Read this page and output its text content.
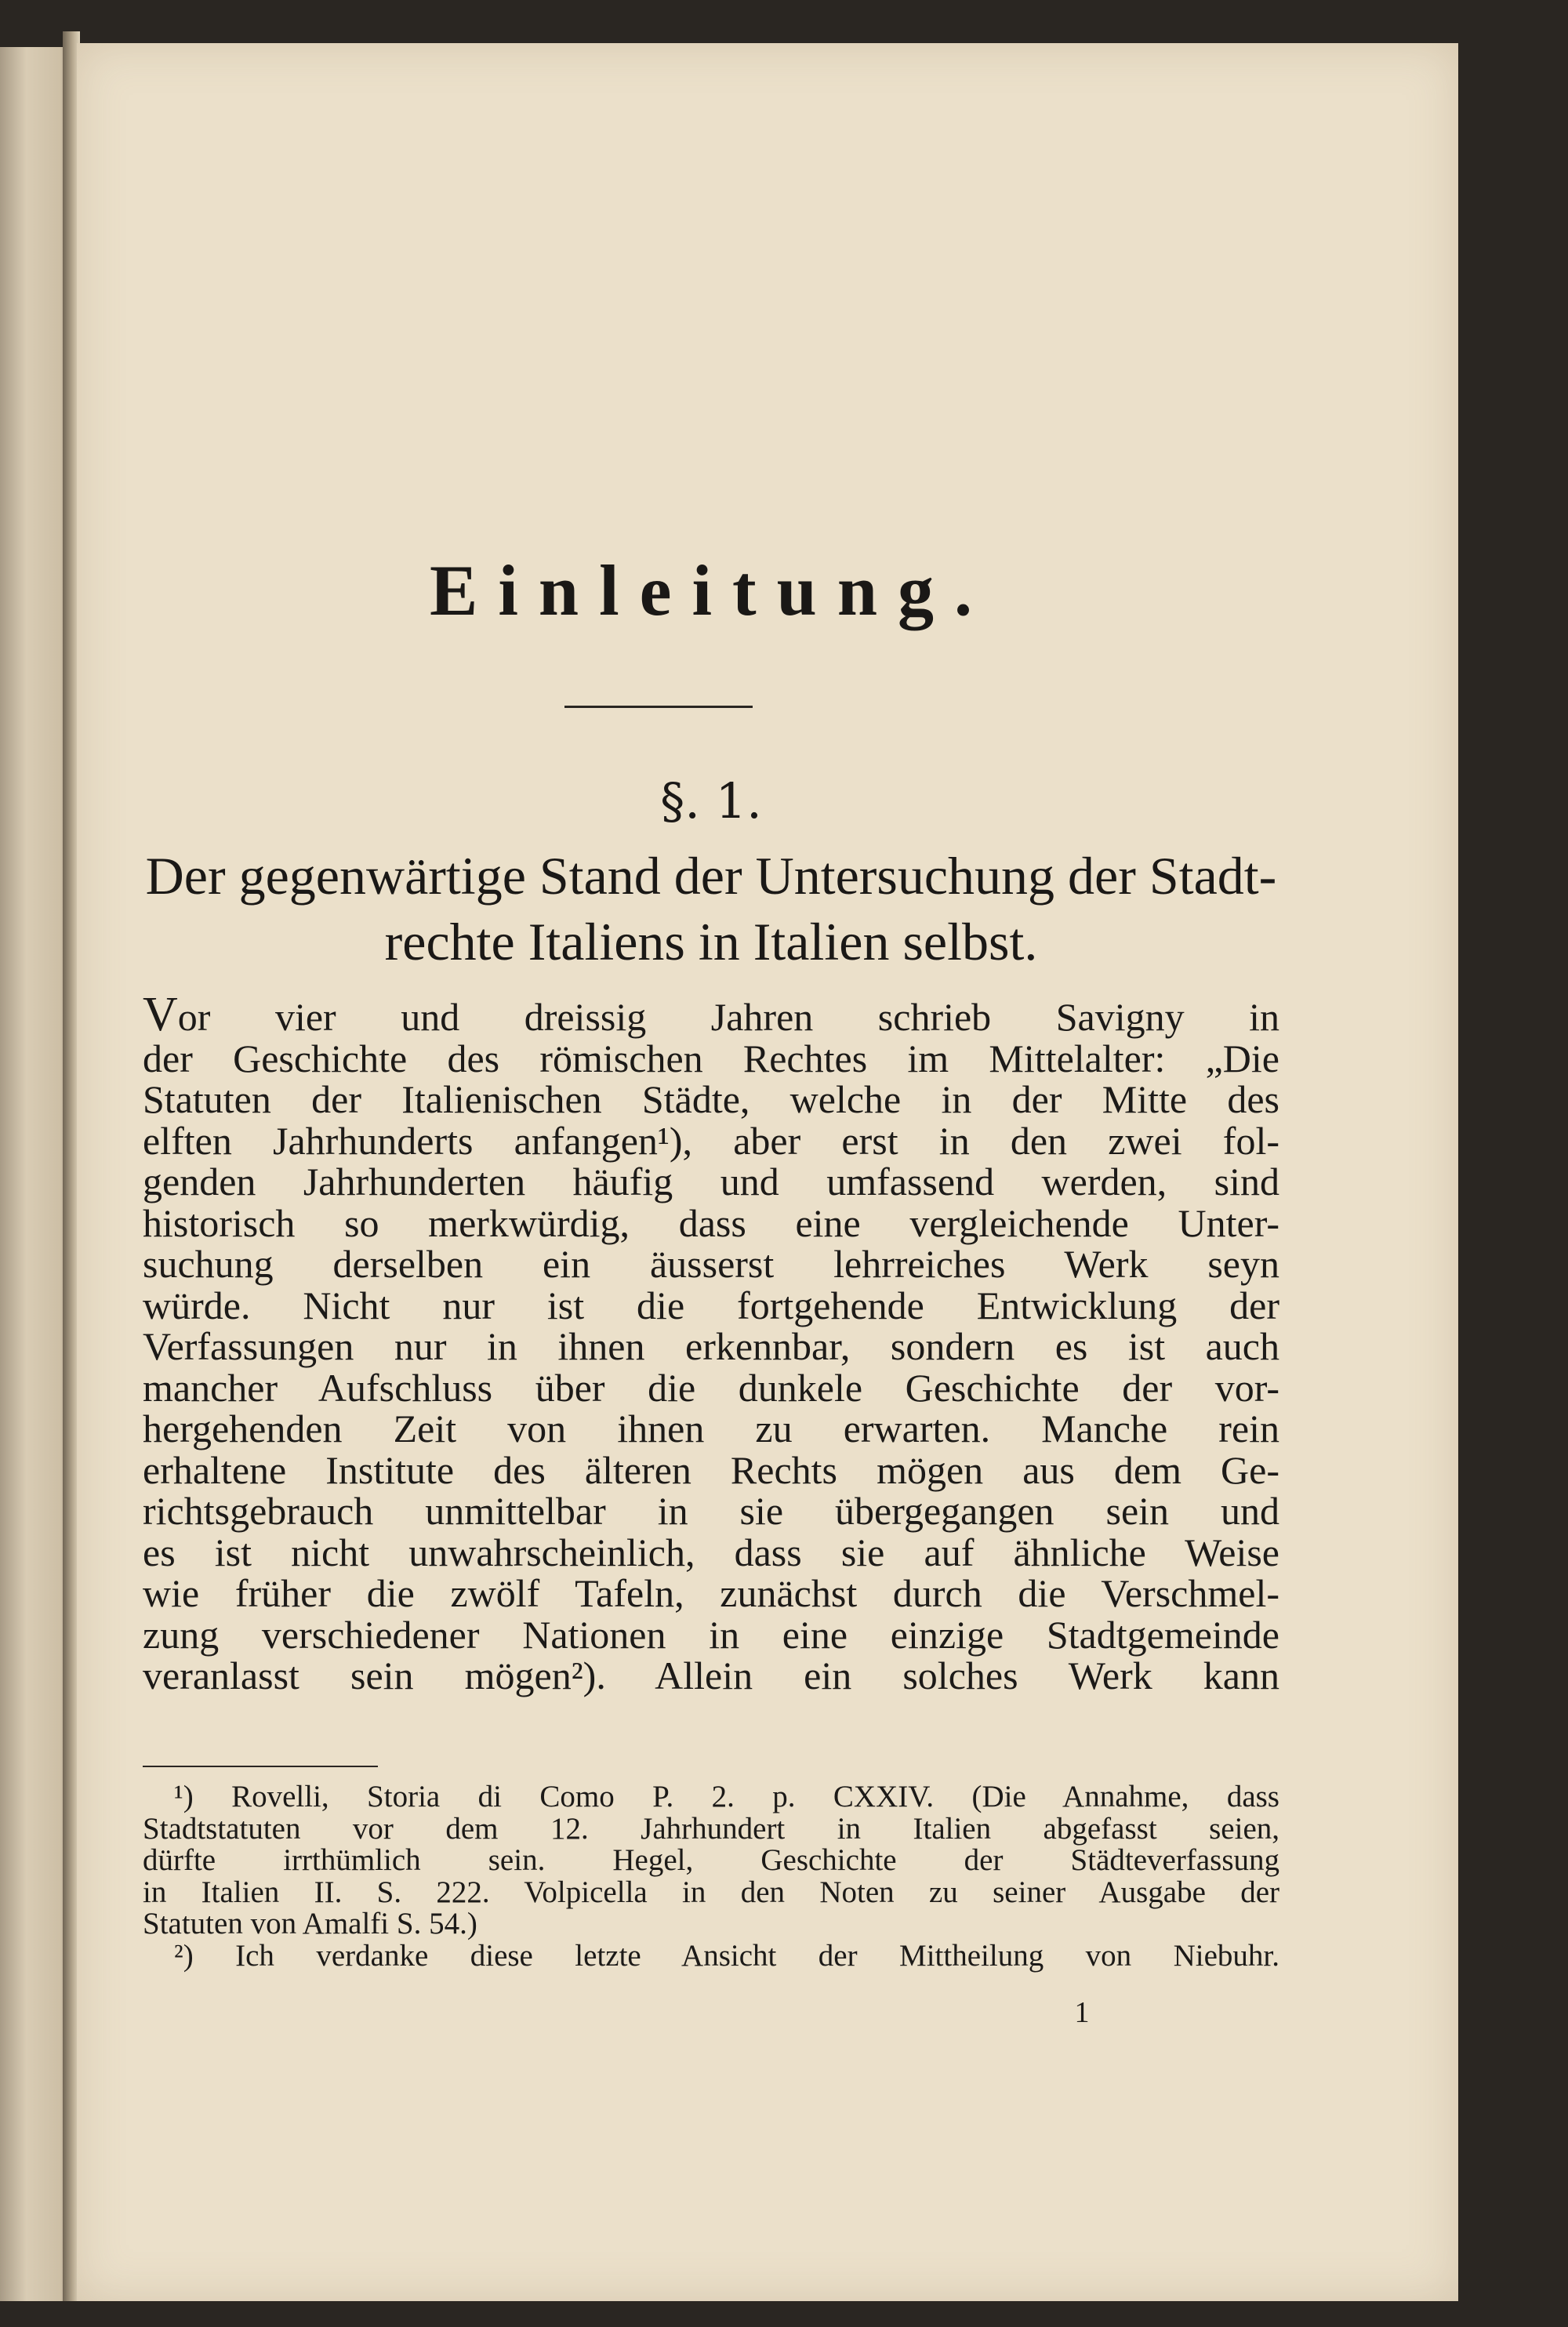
Einleitung.
§. 1.
Der gegenwärtige Stand der Untersuchung der Stadt-
rechte Italiens in Italien selbst.
Vor vier und dreissig Jahren schrieb Savigny in
der Geschichte des römischen Rechtes im Mittelalter: „Die
Statuten der Italienischen Städte, welche in der Mitte des
elften Jahrhunderts anfangen¹), aber erst in den zwei fol-
genden Jahrhunderten häufig und umfassend werden, sind
historisch so merkwürdig, dass eine vergleichende Unter-
suchung derselben ein äusserst lehrreiches Werk seyn
würde. Nicht nur ist die fortgehende Entwicklung der
Verfassungen nur in ihnen erkennbar, sondern es ist auch
mancher Aufschluss über die dunkele Geschichte der vor-
hergehenden Zeit von ihnen zu erwarten. Manche rein
erhaltene Institute des älteren Rechts mögen aus dem Ge-
richtsgebrauch unmittelbar in sie übergegangen sein und
es ist nicht unwahrscheinlich, dass sie auf ähnliche Weise
wie früher die zwölf Tafeln, zunächst durch die Verschmel-
zung verschiedener Nationen in eine einzige Stadtgemeinde
veranlasst sein mögen²). Allein ein solches Werk kann
¹) Rovelli, Storia di Como P. 2. p. CXXIV. (Die Annahme, dass
Stadtstatuten vor dem 12. Jahrhundert in Italien abgefasst seien,
dürfte irrthümlich sein. Hegel, Geschichte der Städteverfassung
in Italien II. S. 222. Volpicella in den Noten zu seiner Ausgabe der
Statuten von Amalfi S. 54.)
²) Ich verdanke diese letzte Ansicht der Mittheilung von Niebuhr.
1
